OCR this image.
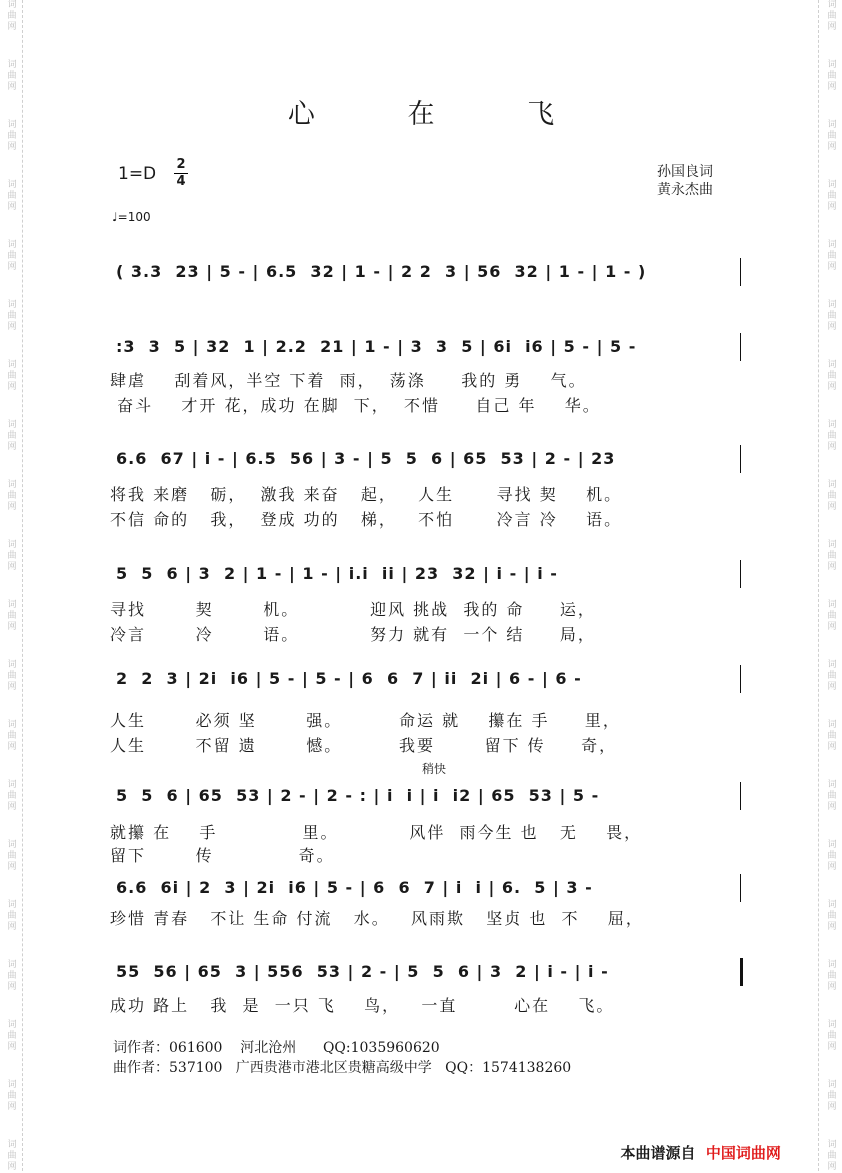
词曲网
词曲网
词曲网
词曲网
词曲网
词曲网
词曲网
词曲网
词曲网
词曲网
词曲网
词曲网
词曲网
词曲网
词曲网
词曲网
词曲网
词曲网
词曲网
词曲网
词曲网
词曲网
词曲网
词曲网
词曲网
词曲网
词曲网
词曲网
词曲网
词曲网
词曲网
词曲网
词曲网
词曲网
词曲网
词曲网
词曲网
词曲网
词曲网
词曲网
心 在 飞
1=D 2
4
♩=100
孙国良词
黄永杰曲
稍快
( 3.3  23 | 5 - | 6.5  32 | 1 - | 2 2  3 | 56  32 | 1 - | 1 - )
:3  3  5 | 32  1 | 2.2  21 | 1 - | 3  3  5 | 6i  i6 | 5 - | 5 -
肆虐    刮着风，半空 下着  雨，  荡涤     我的 勇    气。
奋斗    才开 花，成功 在脚  下，  不惜     自己 年    华。
6.6  67 | i - | 6.5  56 | 3 - | 5  5  6 | 65  53 | 2 - | 23
将我 来磨   砺，  激我 来奋   起，   人生      寻找 契    机。
不信 命的   我，  登成 功的   梯，   不怕      冷言 冷    语。
5  5  6 | 3  2 | 1 - | 1 - | i.i  ii | 23  32 | i - | i -
寻找       契       机。          迎风 挑战  我的 命     运，
冷言       冷       语。          努力 就有  一个 结     局，
2  2  3 | 2i  i6 | 5 - | 5 - | 6  6  7 | ii  2i | 6 - | 6 -
人生       必须 坚       强。        命运 就    攥在 手     里，
人生       不留 遗       憾。        我要       留下 传     奇，
5  5  6 | 65  53 | 2 - | 2 - : | i  i | i  i2 | 65  53 | 5 -
就攥 在    手            里。          风伴  雨今生 也   无    畏，
留下       传            奇。
6.6  6i | 2  3 | 2i  i6 | 5 - | 6  6  7 | i  i | 6.  5 | 3 -
珍惜 青春   不让 生命 付流   水。   风雨欺   坚贞 也  不    屈，
55  56 | 65  3 | 556  53 | 2 - | 5  5  6 | 3  2 | i - | i -
成功 路上   我  是  一只 飞    鸟，   一直        心在    飞。
词作者：061600    河北沧州      QQ:1035960620
曲作者：537100   广西贵港市港北区贵糖高级中学   QQ：1574138260

本曲谱源自 中国词曲网
